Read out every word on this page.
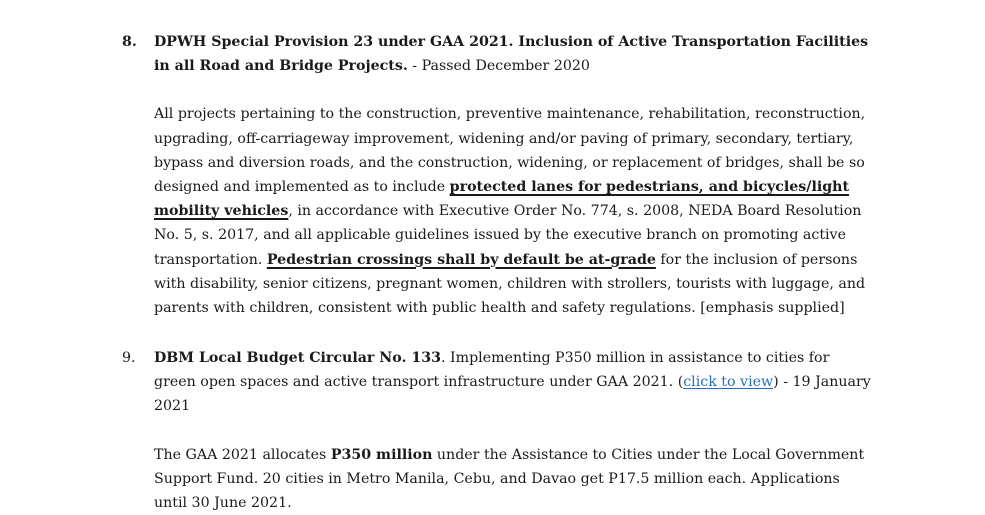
8. DPWH Special Provision 23 under GAA 2021. Inclusion of Active Transportation Facilities in all Road and Bridge Projects. - Passed December 2020

All projects pertaining to the construction, preventive maintenance, rehabilitation, reconstruction, upgrading, off-carriageway improvement, widening and/or paving of primary, secondary, tertiary, bypass and diversion roads, and the construction, widening, or replacement of bridges, shall be so designed and implemented as to include protected lanes for pedestrians, and bicycles/light mobility vehicles, in accordance with Executive Order No. 774, s. 2008, NEDA Board Resolution No. 5, s. 2017, and all applicable guidelines issued by the executive branch on promoting active transportation. Pedestrian crossings shall by default be at-grade for the inclusion of persons with disability, senior citizens, pregnant women, children with strollers, tourists with luggage, and parents with children, consistent with public health and safety regulations. [emphasis supplied]

9. DBM Local Budget Circular No. 133. Implementing P350 million in assistance to cities for green open spaces and active transport infrastructure under GAA 2021. (click to view) - 19 January 2021

The GAA 2021 allocates P350 million under the Assistance to Cities under the Local Government Support Fund. 20 cities in Metro Manila, Cebu, and Davao get P17.5 million each. Applications until 30 June 2021.
